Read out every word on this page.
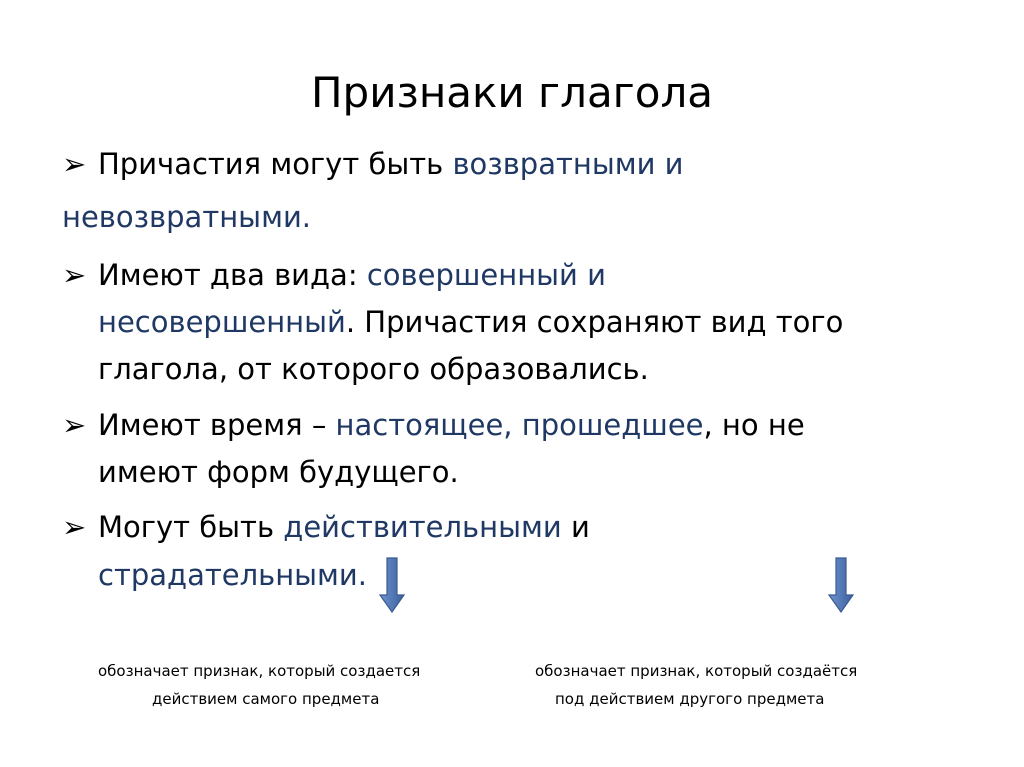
Признаки глагола
➢ Причастия могут быть возвратными и
невозвратными.
➢ Имеют два вида: совершенный и
несовершенный. Причастия сохраняют вид того
глагола, от которого образовались.
➢ Имеют время – настоящее, прошедшее, но не
имеют форм будущего.
➢ Могут быть действительными и
страдательными.
обозначает признак, который создается
действием самого предмета
обозначает признак, который создаётся
под действием другого предмета
